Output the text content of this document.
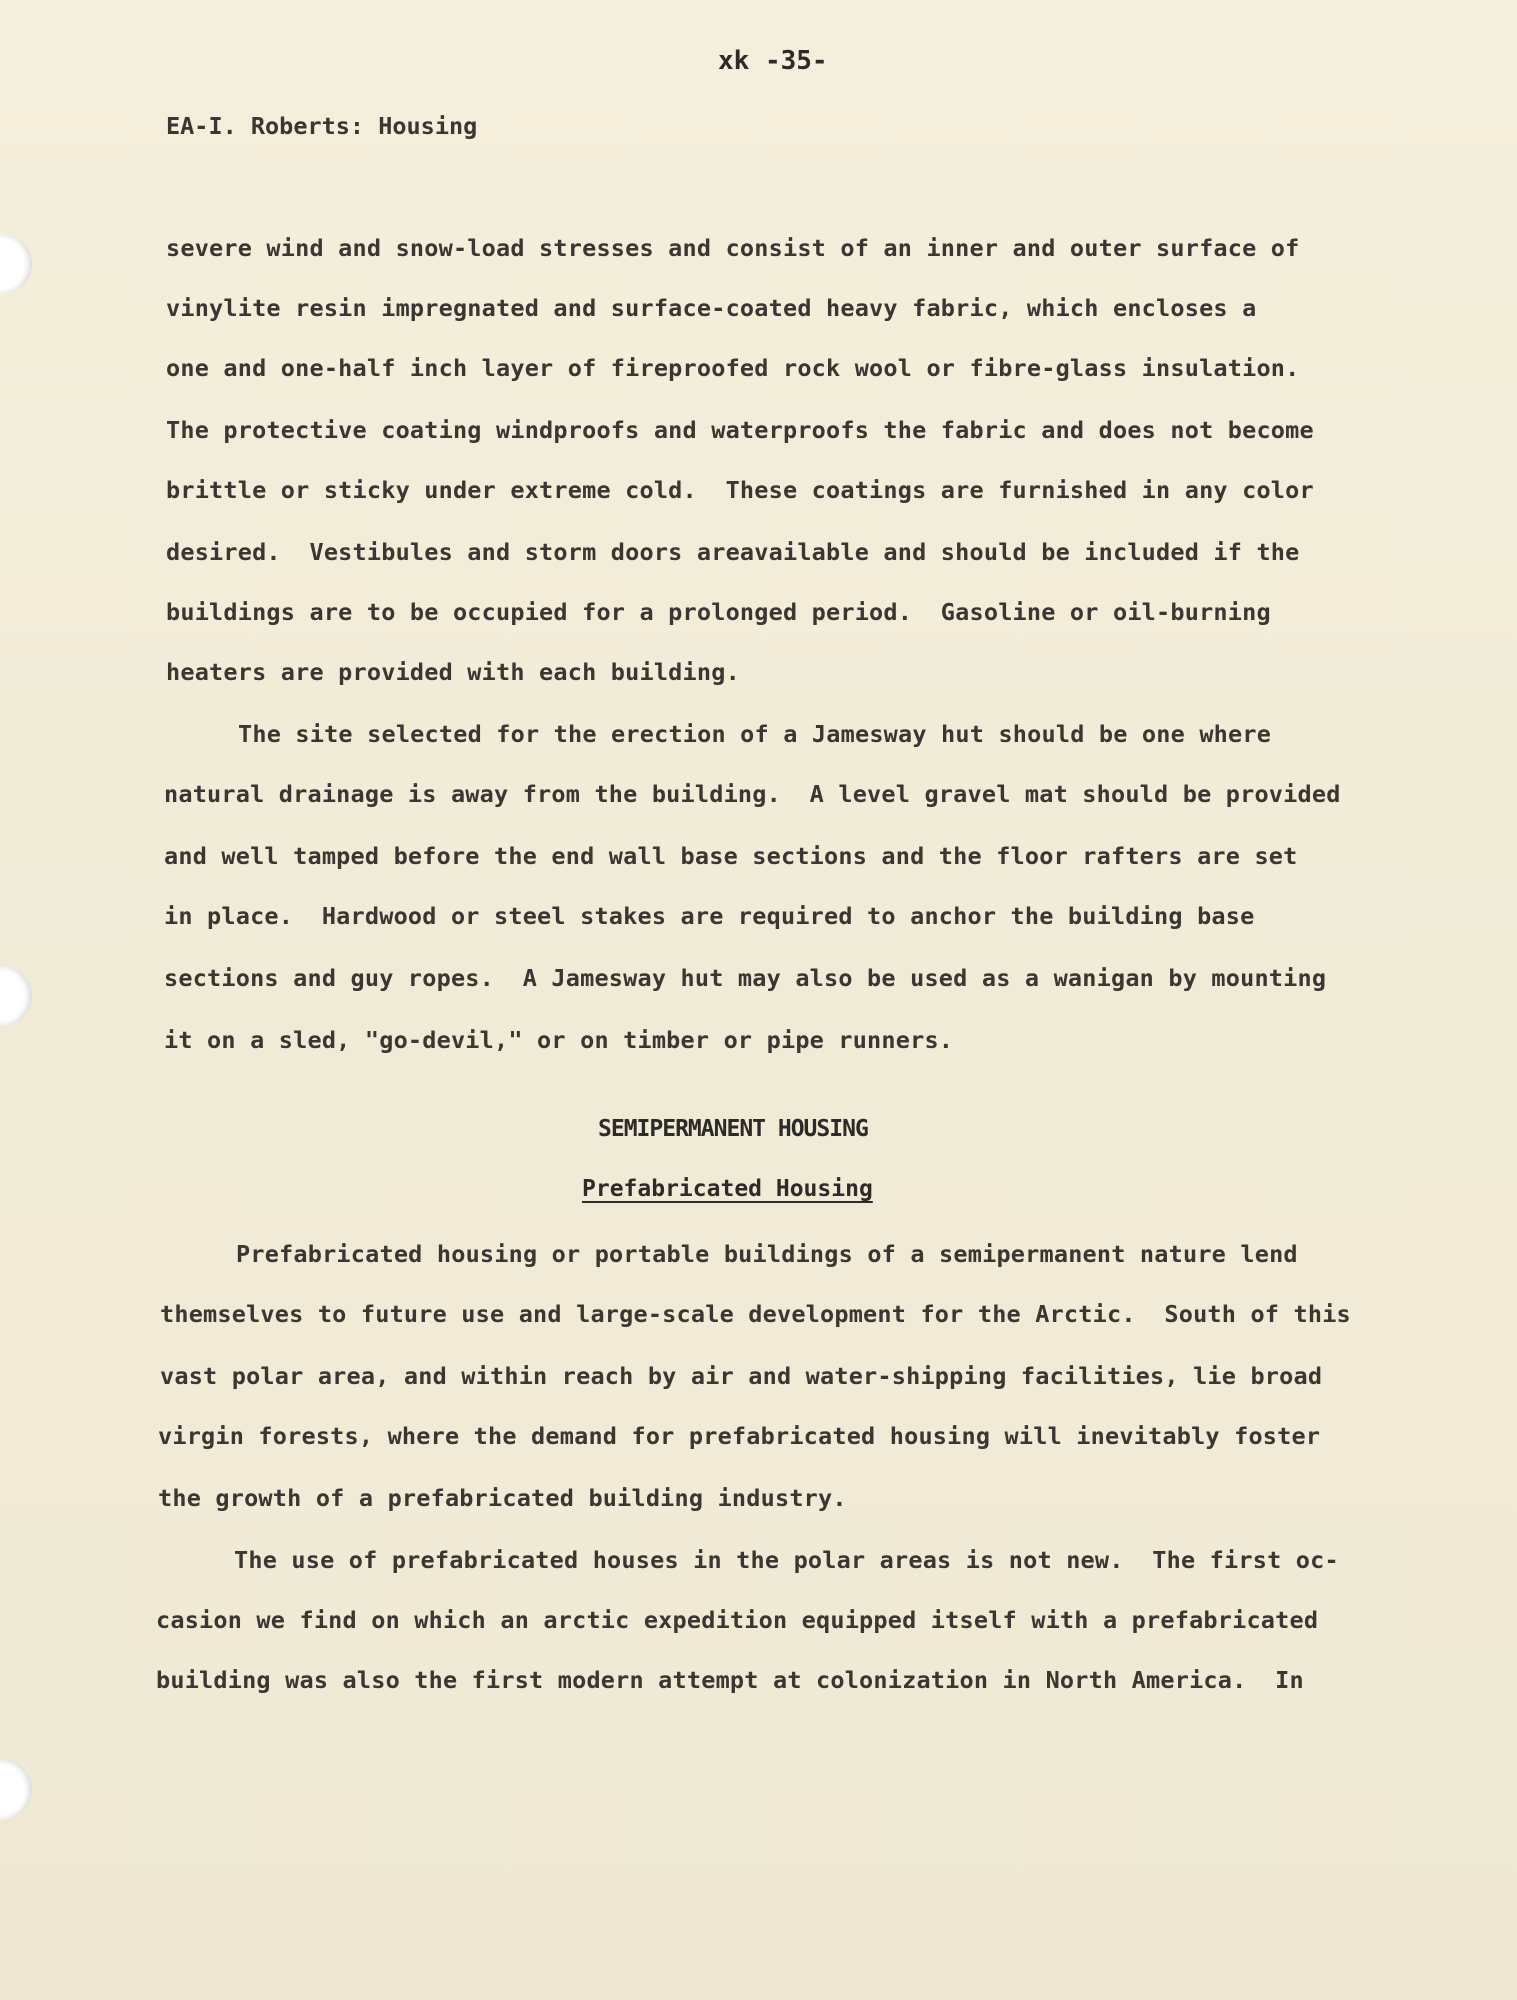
xk -35-
EA-I. Roberts: Housing
severe wind and snow-load stresses and consist of an inner and outer surface of
vinylite resin impregnated and surface-coated heavy fabric, which encloses a
one and one-half inch layer of fireproofed rock wool or fibre-glass insulation.
The protective coating windproofs and waterproofs the fabric and does not become
brittle or sticky under extreme cold.  These coatings are furnished in any color
desired.  Vestibules and storm doors areavailable and should be included if the
buildings are to be occupied for a prolonged period.  Gasoline or oil-burning
heaters are provided with each building.
The site selected for the erection of a Jamesway hut should be one where
natural drainage is away from the building.  A level gravel mat should be provided
and well tamped before the end wall base sections and the floor rafters are set
in place.  Hardwood or steel stakes are required to anchor the building base
sections and guy ropes.  A Jamesway hut may also be used as a wanigan by mounting
it on a sled, "go-devil," or on timber or pipe runners.
SEMIPERMANENT HOUSING
Prefabricated Housing
Prefabricated housing or portable buildings of a semipermanent nature lend
themselves to future use and large-scale development for the Arctic.  South of this
vast polar area, and within reach by air and water-shipping facilities, lie broad
virgin forests, where the demand for prefabricated housing will inevitably foster
the growth of a prefabricated building industry.
The use of prefabricated houses in the polar areas is not new.  The first oc-
casion we find on which an arctic expedition equipped itself with a prefabricated
building was also the first modern attempt at colonization in North America.  In
